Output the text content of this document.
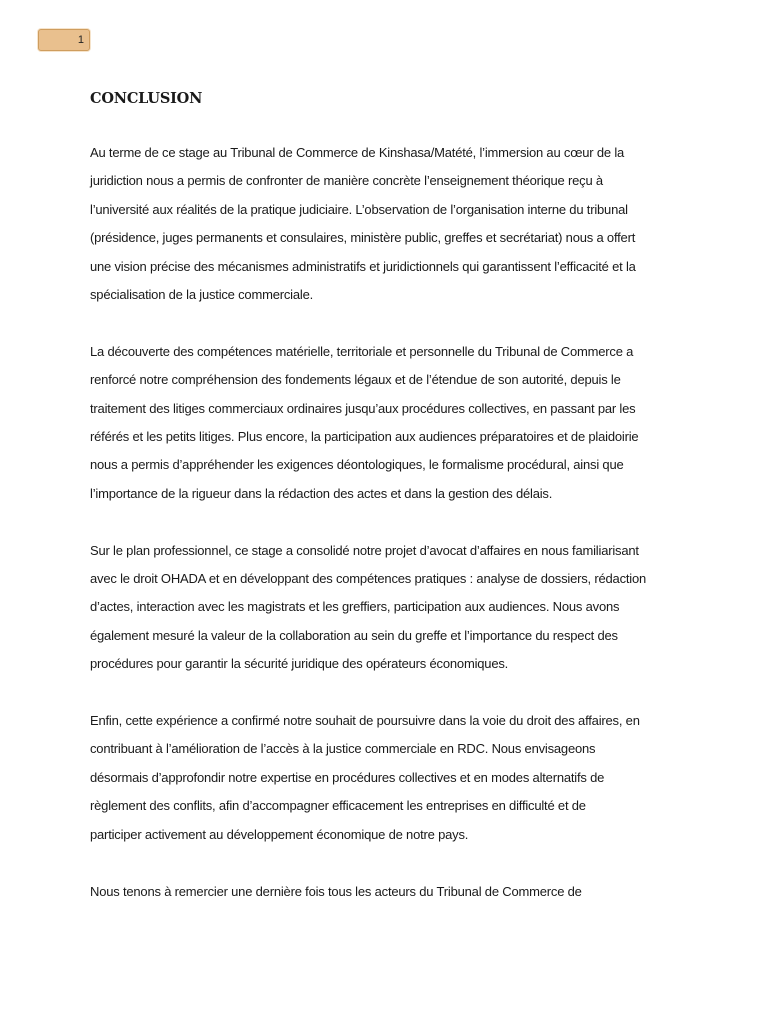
1
CONCLUSION
Au terme de ce stage au Tribunal de Commerce de Kinshasa/Matété, l’immersion au cœur de la
juridiction nous a permis de confronter de manière concrète l’enseignement théorique reçu à
l’université aux réalités de la pratique judiciaire. L’observation de l’organisation interne du tribunal
(présidence, juges permanents et consulaires, ministère public, greffes et secrétariat) nous a offert
une vision précise des mécanismes administratifs et juridictionnels qui garantissent l’efficacité et la
spécialisation de la justice commerciale.
La découverte des compétences matérielle, territoriale et personnelle du Tribunal de Commerce a
renforcé notre compréhension des fondements légaux et de l’étendue de son autorité, depuis le
traitement des litiges commerciaux ordinaires jusqu’aux procédures collectives, en passant par les
référés et les petits litiges. Plus encore, la participation aux audiences préparatoires et de plaidoirie
nous a permis d’appréhender les exigences déontologiques, le formalisme procédural, ainsi que
l’importance de la rigueur dans la rédaction des actes et dans la gestion des délais.
Sur le plan professionnel, ce stage a consolidé notre projet d’avocat d’affaires en nous familiarisant
avec le droit OHADA et en développant des compétences pratiques : analyse de dossiers, rédaction
d’actes, interaction avec les magistrats et les greffiers, participation aux audiences. Nous avons
également mesuré la valeur de la collaboration au sein du greffe et l’importance du respect des
procédures pour garantir la sécurité juridique des opérateurs économiques.
Enfin, cette expérience a confirmé notre souhait de poursuivre dans la voie du droit des affaires, en
contribuant à l’amélioration de l’accès à la justice commerciale en RDC. Nous envisageons
désormais d’approfondir notre expertise en procédures collectives et en modes alternatifs de
règlement des conflits, afin d’accompagner efficacement les entreprises en difficulté et de
participer activement au développement économique de notre pays.
Nous tenons à remercier une dernière fois tous les acteurs du Tribunal de Commerce de
